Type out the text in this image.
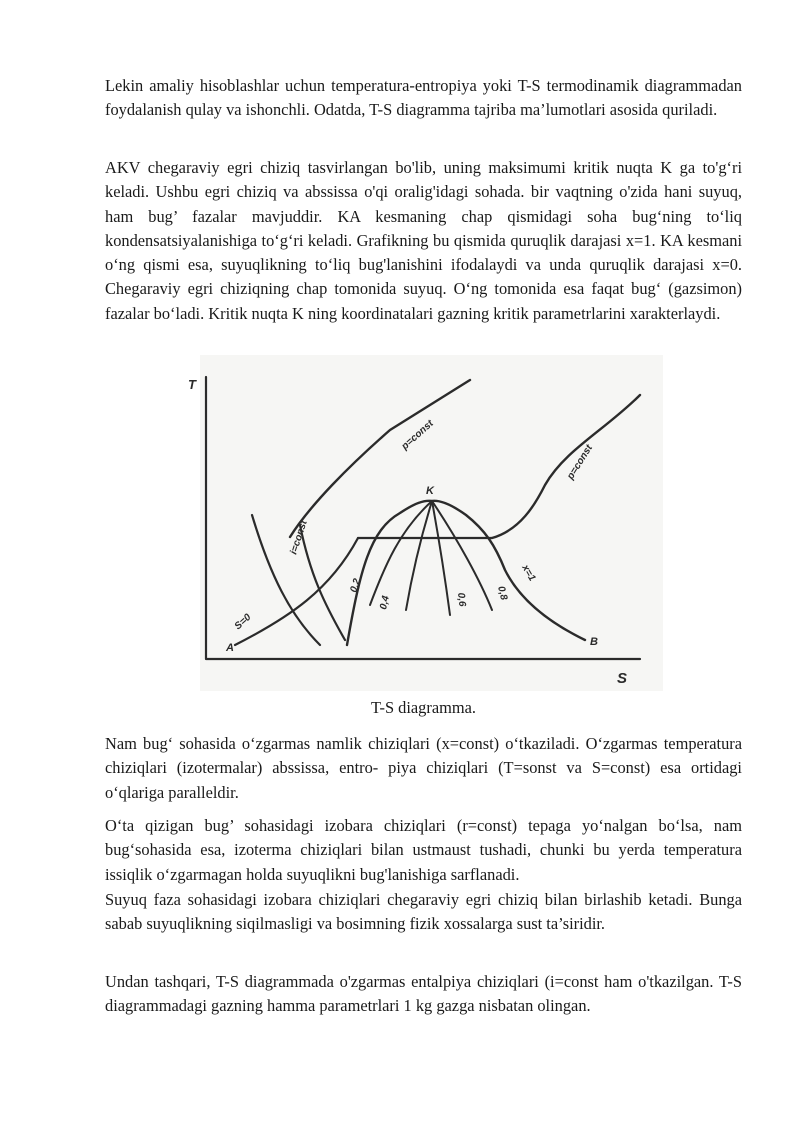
Lekin amaliy hisoblashlar uchun temperatura-entropiya yoki T-S termodinamik diagrammadan foydalanish qulay va ishonchli. Odatda, T-S diagramma tajriba ma’lumotlari asosida quriladi.

AKV chegaraviy egri chiziq tasvirlangan bo'lib, uning maksimumi kritik nuqta K ga to'g‘ri keladi. Ushbu egri chiziq va abssissa o'qi oralig'idagi sohada. bir vaqtning o'zida hani suyuq, ham bug’ fazalar mavjuddir. KA kesmaning chap qismidagi soha bug‘ning to‘liq kondensatsiyalanishiga to‘g‘ri keladi. Grafikning bu qismida quruqlik darajasi x=1. KA kesmani o‘ng qismi esa, suyuqlikning to‘liq bug'lanishini ifodalaydi va unda quruqlik darajasi x=0. Chegaraviy egri chiziqning chap tomonida suyuq. O‘ng tomonida esa faqat bug‘ (gazsimon) fazalar bo‘ladi. Kritik nuqta K ning koordinatalari gazning kritik parametrlarini xarakterlaydi.

T
S
K
A	B
p=const
p=const
i=const
S=0
x=1
0,2
0,4	0,6	0,8

T-S diagramma.

Nam bug‘ sohasida o‘zgarmas namlik chiziqlari (x=const) o‘tkaziladi. O‘zgarmas temperatura chiziqlari (izotermalar) abssissa, entro- piya chiziqlari (T=sonst va S=const) esa ortidagi o‘qlariga paralleldir.

O‘ta qizigan bug’ sohasidagi izobara chiziqlari (r=const) tepaga yo‘nalgan bo‘lsa, nam bug‘sohasida esa, izoterma chiziqlari bilan ustmaust tushadi, chunki bu yerda temperatura issiqlik o‘zgarmagan holda suyuqlikni bug'lanishiga sarflanadi.

Suyuq faza sohasidagi izobara chiziqlari chegaraviy egri chiziq bilan birlashib ketadi. Bunga sabab suyuqlikning siqilmasligi va bosimning fizik xossalarga sust ta’siridir.

Undan tashqari, T-S diagrammada o'zgarmas entalpiya chiziqlari (i=const ham o'tkazilgan. T-S diagrammadagi gazning hamma parametrlari 1 kg gazga nisbatan olingan.
